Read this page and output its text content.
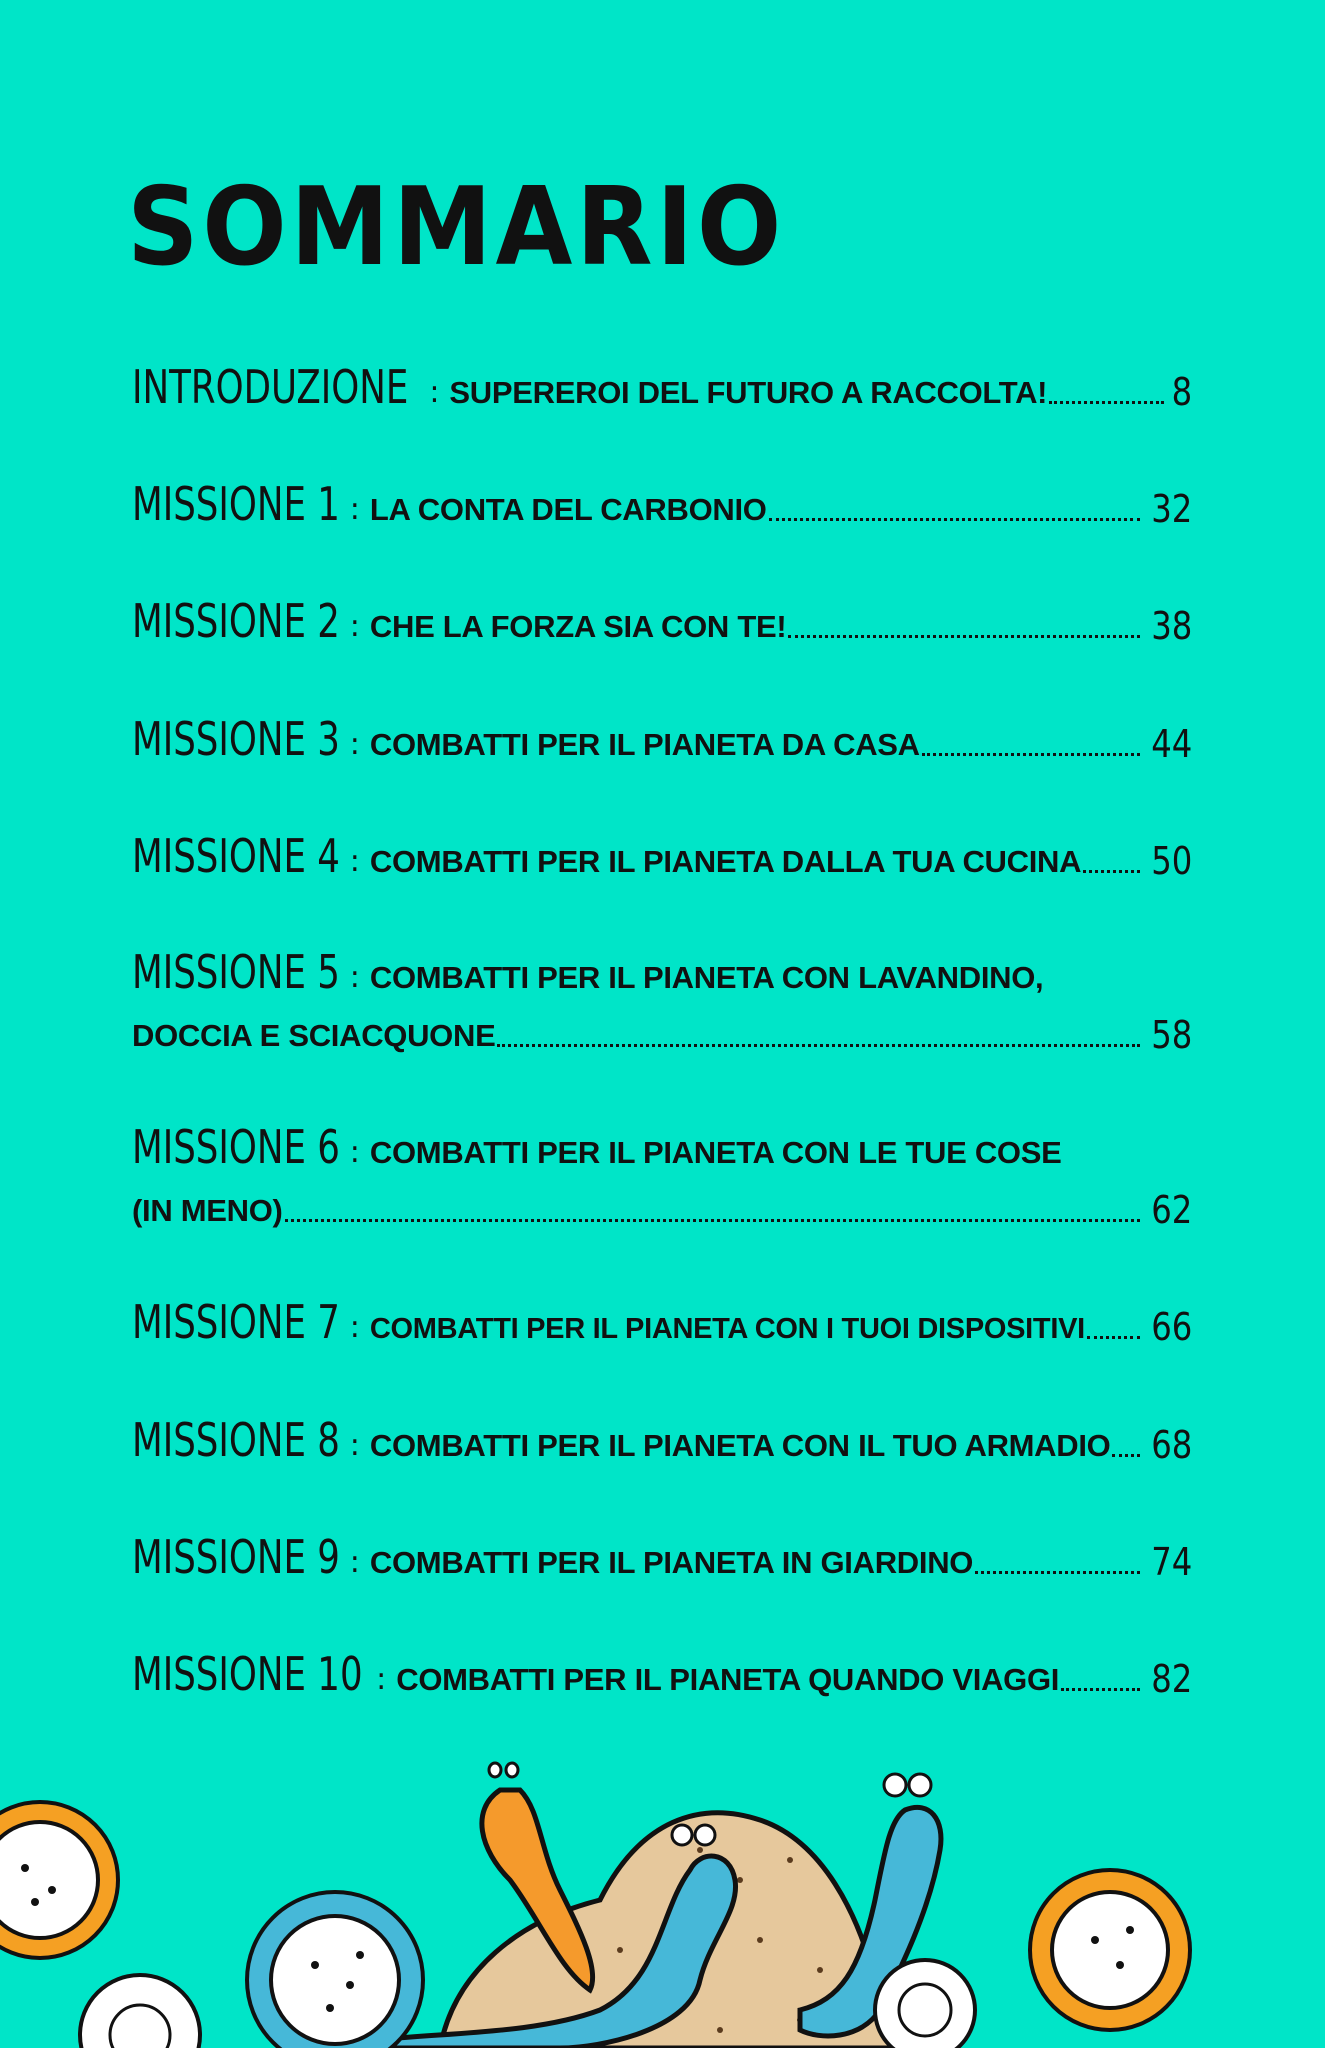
SOMMARIO
INTRODUZIONE : SUPEREROI DEL FUTURO A RACCOLTA!	8
MISSIONE 1 : LA CONTA DEL CARBONIO	32
MISSIONE 2 : CHE LA FORZA SIA CON TE!	38
MISSIONE 3 : COMBATTI PER IL PIANETA DA CASA	44
MISSIONE 4 : COMBATTI PER IL PIANETA DALLA TUA CUCINA 50
MISSIONE 5 : COMBATTI PER IL PIANETA CON LAVANDINO,
DOCCIA E SCIACQUONE	58
MISSIONE 6 : COMBATTI PER IL PIANETA CON LE TUE COSE
(IN MENO)	62
MISSIONE 7 : COMBATTI PER IL PIANETA CON I TUOI DISPOSITIVI 66
MISSIONE 8 : COMBATTI PER IL PIANETA CON IL TUO ARMADIO 68
MISSIONE 9 : COMBATTI PER IL PIANETA IN GIARDINO	74
MISSIONE 10 : COMBATTI PER IL PIANETA QUANDO VIAGGI 82
